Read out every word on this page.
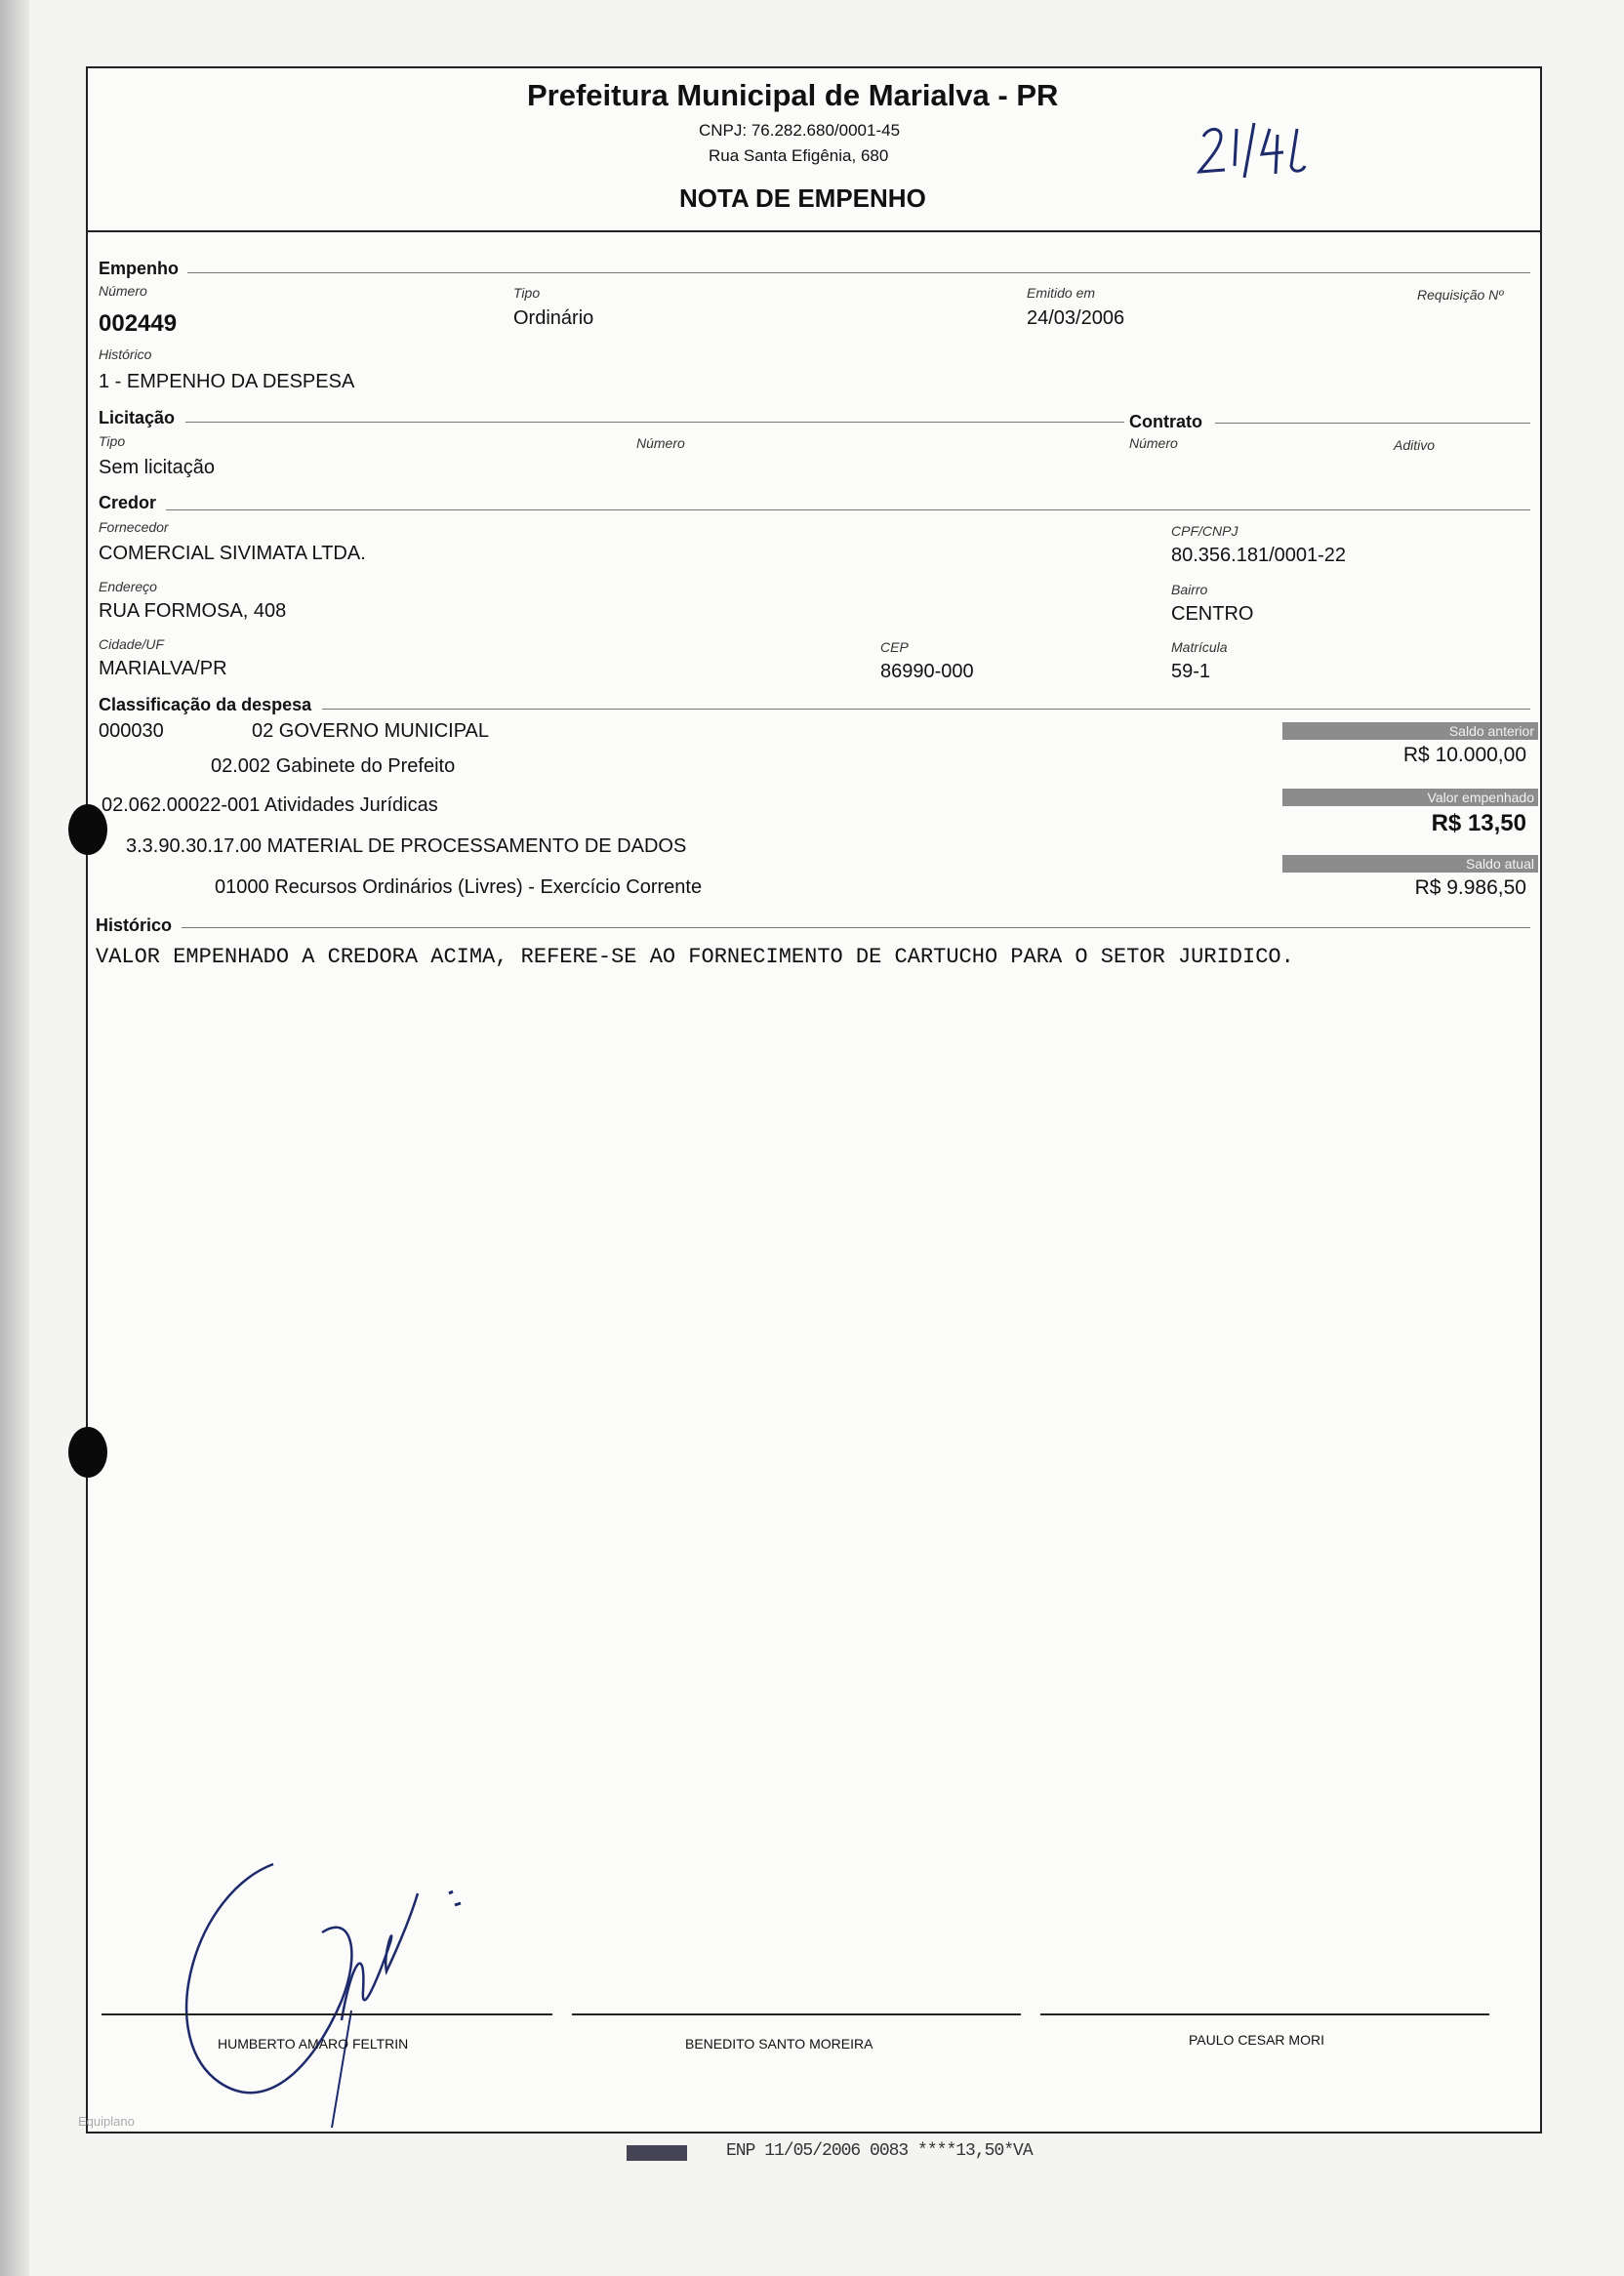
Prefeitura Municipal de Marialva - PR
CNPJ: 76.282.680/0001-45
Rua Santa Efigênia, 680
NOTA DE EMPENHO
Empenho
Número
002449
Tipo
Ordinário
Emitido em
24/03/2006
Requisição Nº
Histórico
1 - EMPENHO DA DESPESA
Licitação
Tipo
Sem licitação
Número
Contrato
Número	Aditivo
Credor
Fornecedor
COMERCIAL SIVIMATA LTDA.
CPF/CNPJ
80.356.181/0001-22
Endereço
RUA FORMOSA, 408
Bairro
CENTRO
Cidade/UF
MARIALVA/PR
CEP
86990-000
Matrícula
59-1
Classificação da despesa
000030	02 GOVERNO MUNICIPAL
02.002 Gabinete do Prefeito
02.062.00022-001 Atividades Jurídicas
3.3.90.30.17.00 MATERIAL DE PROCESSAMENTO DE DADOS
01000 Recursos Ordinários (Livres) - Exercício Corrente
Saldo anterior
R$ 10.000,00
Valor empenhado
R$ 13,50
Saldo atual
R$ 9.986,50
Histórico
VALOR EMPENHADO A CREDORA ACIMA, REFERE-SE AO FORNECIMENTO DE CARTUCHO PARA O SETOR JURIDICO.
HUMBERTO AMARO FELTRIN	BENEDITO SANTO MOREIRA	PAULO CESAR MORI
Equiplano
ENP 11/05/2006 0083 ****13,50*VA
